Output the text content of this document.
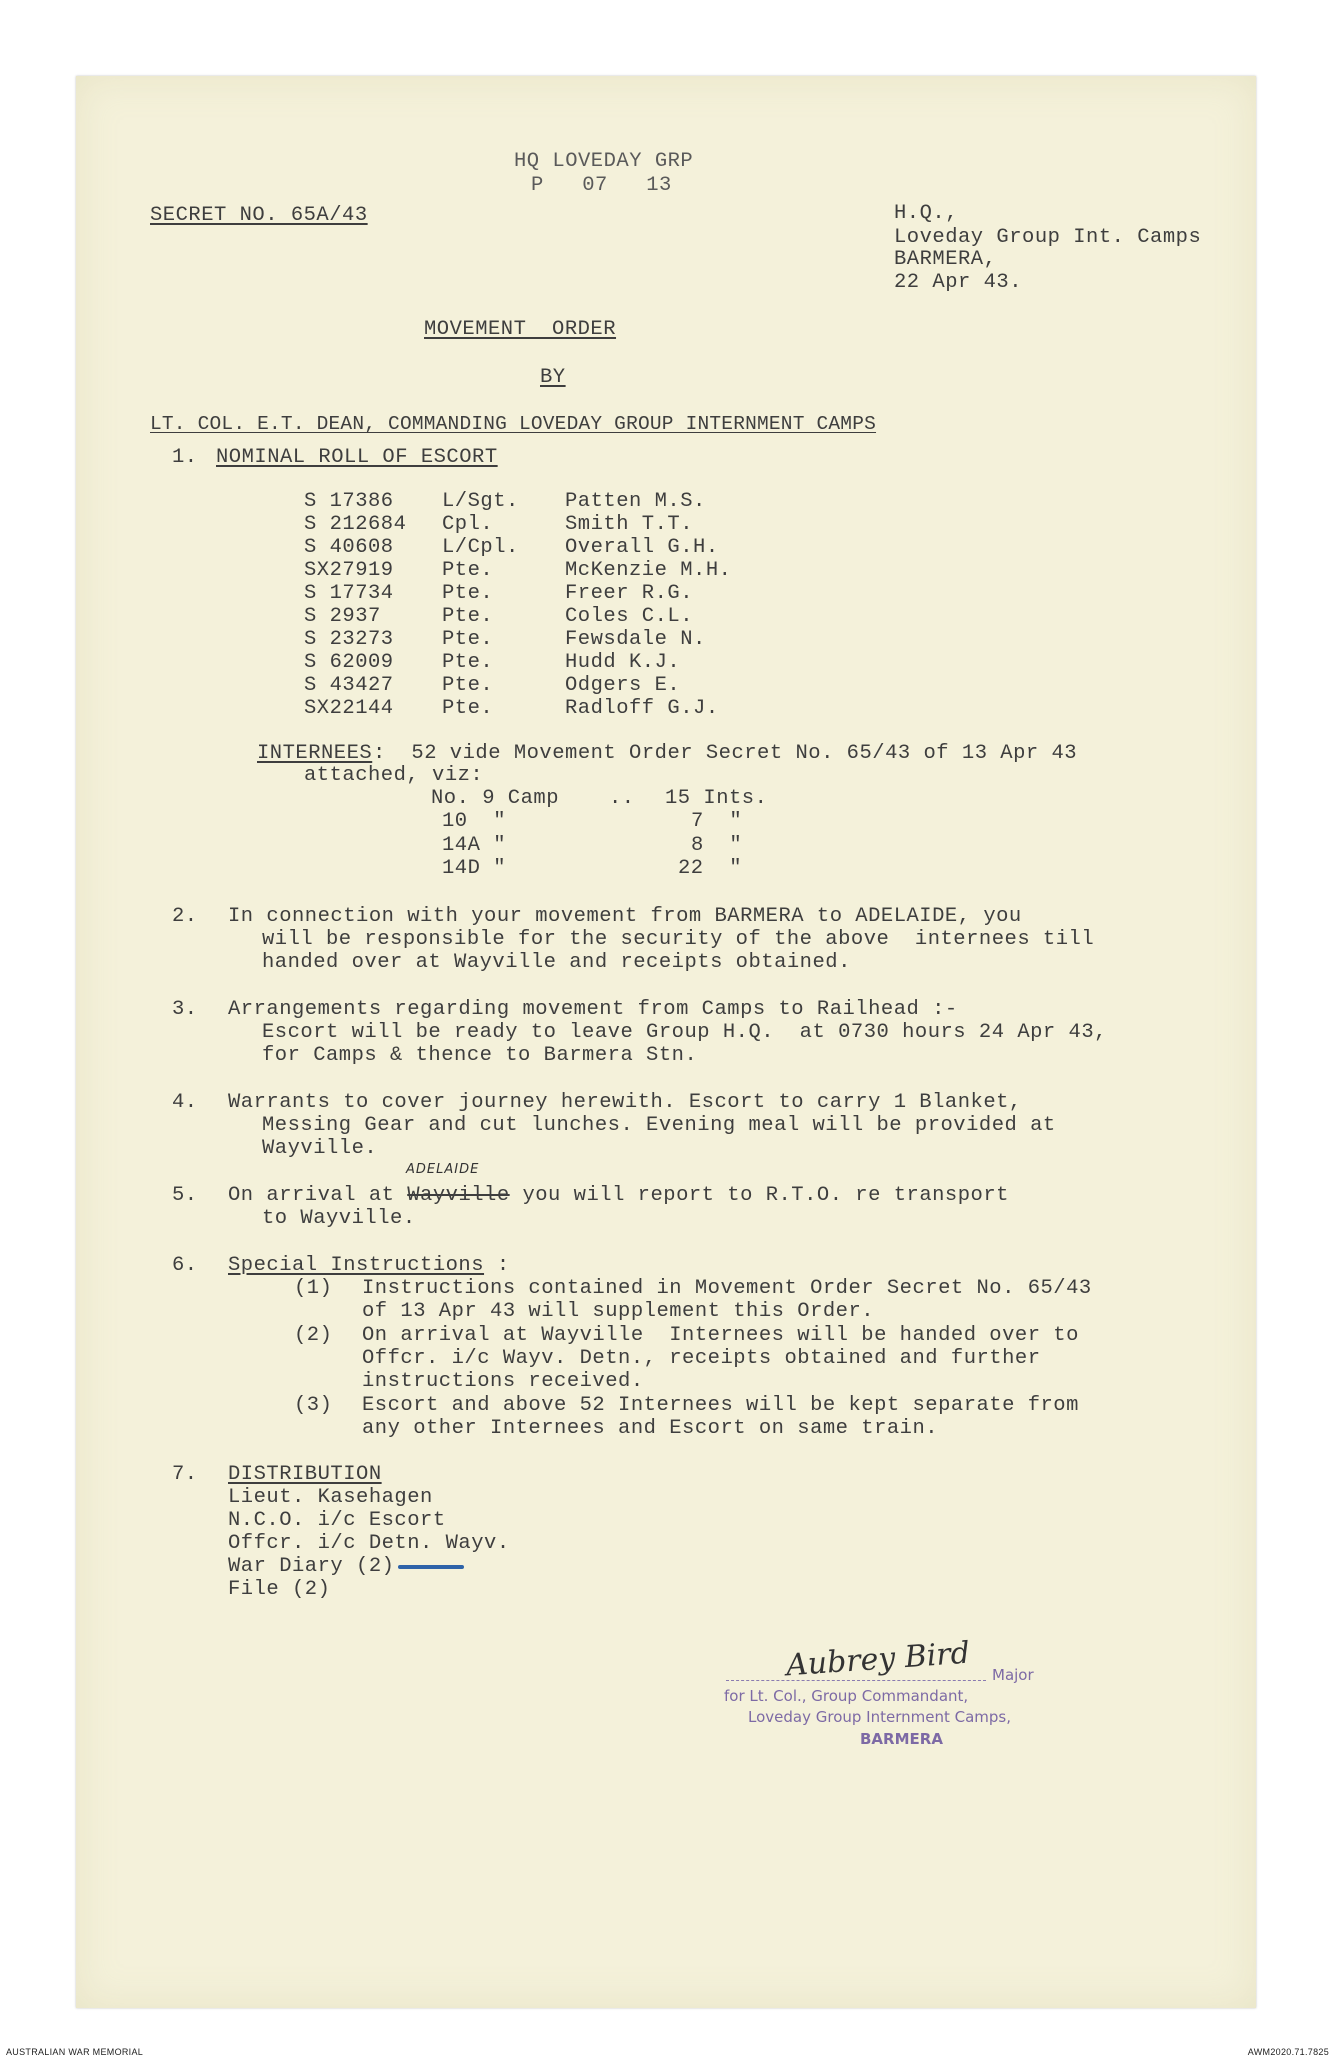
HQ LOVEDAY GRP
P   07   13
SECRET NO. 65A/43	H.Q.,
Loveday Group Int. Camps
BARMERA,
22 Apr 43.
MOVEMENT  ORDER
BY
LT. COL. E.T. DEAN, COMMANDING LOVEDAY GROUP INTERNMENT CAMPS
1. NOMINAL ROLL OF ESCORT
S 17386 L/Sgt. Patten M.S.
S 212684 Cpl.	Smith T.T.
S 40608 L/Cpl. Overall G.H.
SX27919 Pte.	McKenzie M.H.
S 17734 Pte.	Freer R.G.
S 2937	Pte.	Coles C.L.
S 23273 Pte.	Fewsdale N.
S 62009 Pte.	Hudd K.J.
S 43427 Pte.	Odgers E.
SX22144 Pte.	Radloff G.J.
INTERNEES :  52 vide Movement Order Secret No. 65/43 of 13 Apr 43
attached, viz:
No. 9 Camp .. 15 Ints.
10  "	7  "
14A "	8  "
14D "	22  "
2. In connection with your movement from BARMERA to ADELAIDE, you
will be responsible for the security of the above  internees till
handed over at Wayville and receipts obtained.
3. Arrangements regarding movement from Camps to Railhead :-
Escort will be ready to leave Group H.Q.  at 0730 hours 24 Apr 43,
for Camps & thence to Barmera Stn.
4. Warrants to cover journey herewith. Escort to carry 1 Blanket,
Messing Gear and cut lunches. Evening meal will be provided at
Wayville.
ADELAIDE
5. On arrival at Wayville you will report to R.T.O. re transport
to Wayville.
6. Special Instructions :
(1) Instructions contained in Movement Order Secret No. 65/43
of 13 Apr 43 will supplement this Order.
(2) On arrival at Wayville  Internees will be handed over to
Offcr. i/c Wayv. Detn., receipts obtained and further
instructions received.
(3) Escort and above 52 Internees will be kept separate from
any other Internees and Escort on same train.
7. DISTRIBUTION
Lieut. Kasehagen
N.C.O. i/c Escort
Offcr. i/c Detn. Wayv.
War Diary (2)
File (2)
Aubrey Bird Major
for Lt. Col., Group Commandant,
Loveday Group Internment Camps,
BARMERA
AUSTRALIAN WAR MEMORIAL	AWM2020.71.7825
